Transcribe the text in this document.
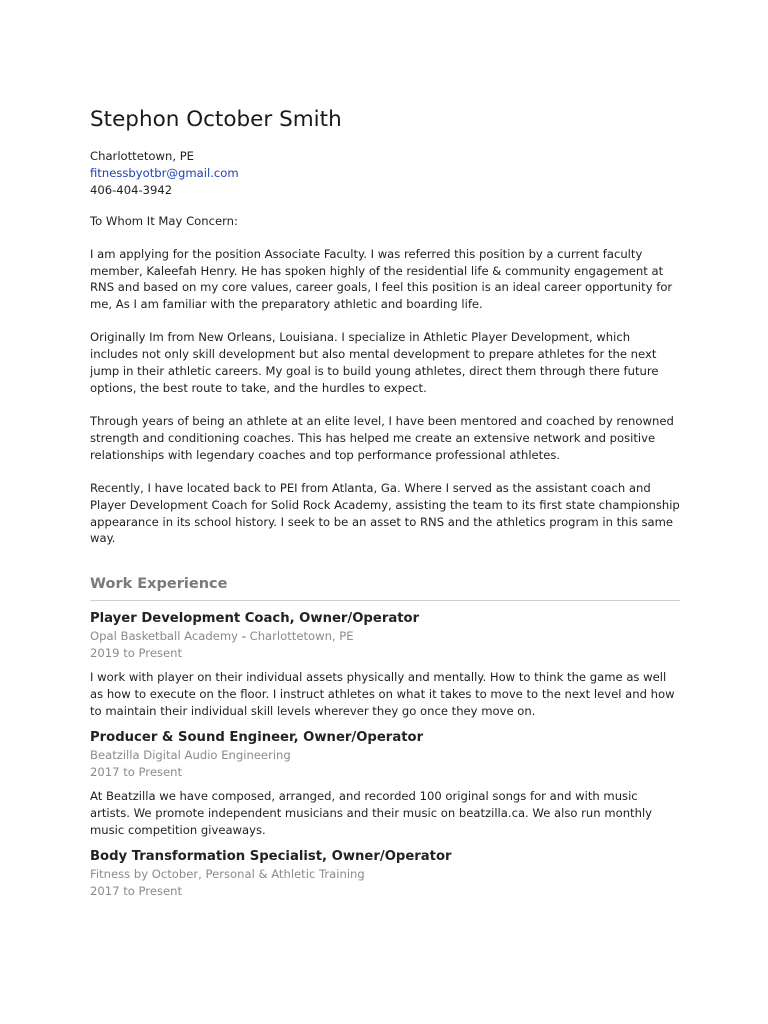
Stephon October Smith

Charlottetown, PE

fitnessbyotbr@gmail.com

406-404-3942

To Whom It May Concern:

I am applying for the position Associate Faculty. I was referred this position by a current faculty member, Kaleefah Henry. He has spoken highly of the residential life & community engagement at RNS and based on my core values, career goals, I feel this position is an ideal career opportunity for me, As I am familiar with the preparatory athletic and boarding life.

Originally Im from New Orleans, Louisiana. I specialize in Athletic Player Development, which includes not only skill development but also mental development to prepare athletes for the next jump in their athletic careers. My goal is to build young athletes, direct them through there future options, the best route to take, and the hurdles to expect.

Through years of being an athlete at an elite level, I have been mentored and coached by renowned strength and conditioning coaches. This has helped me create an extensive network and positive relationships with legendary coaches and top performance professional athletes.

Recently, I have located back to PEI from Atlanta, Ga. Where I served as the assistant coach and Player Development Coach for Solid Rock Academy, assisting the team to its first state championship appearance in its school history. I seek to be an asset to RNS and the athletics program in this same way.

Work Experience

Player Development Coach, Owner/Operator

Opal Basketball Academy - Charlottetown, PE

2019 to Present

I work with player on their individual assets physically and mentally. How to think the game as well as how to execute on the floor. I instruct athletes on what it takes to move to the next level and how to maintain their individual skill levels wherever they go once they move on.

Producer & Sound Engineer, Owner/Operator

Beatzilla Digital Audio Engineering

2017 to Present

At Beatzilla we have composed, arranged, and recorded 100 original songs for and with music artists. We promote independent musicians and their music on beatzilla.ca. We also run monthly music competition giveaways.

Body Transformation Specialist, Owner/Operator

Fitness by October, Personal & Athletic Training

2017 to Present
